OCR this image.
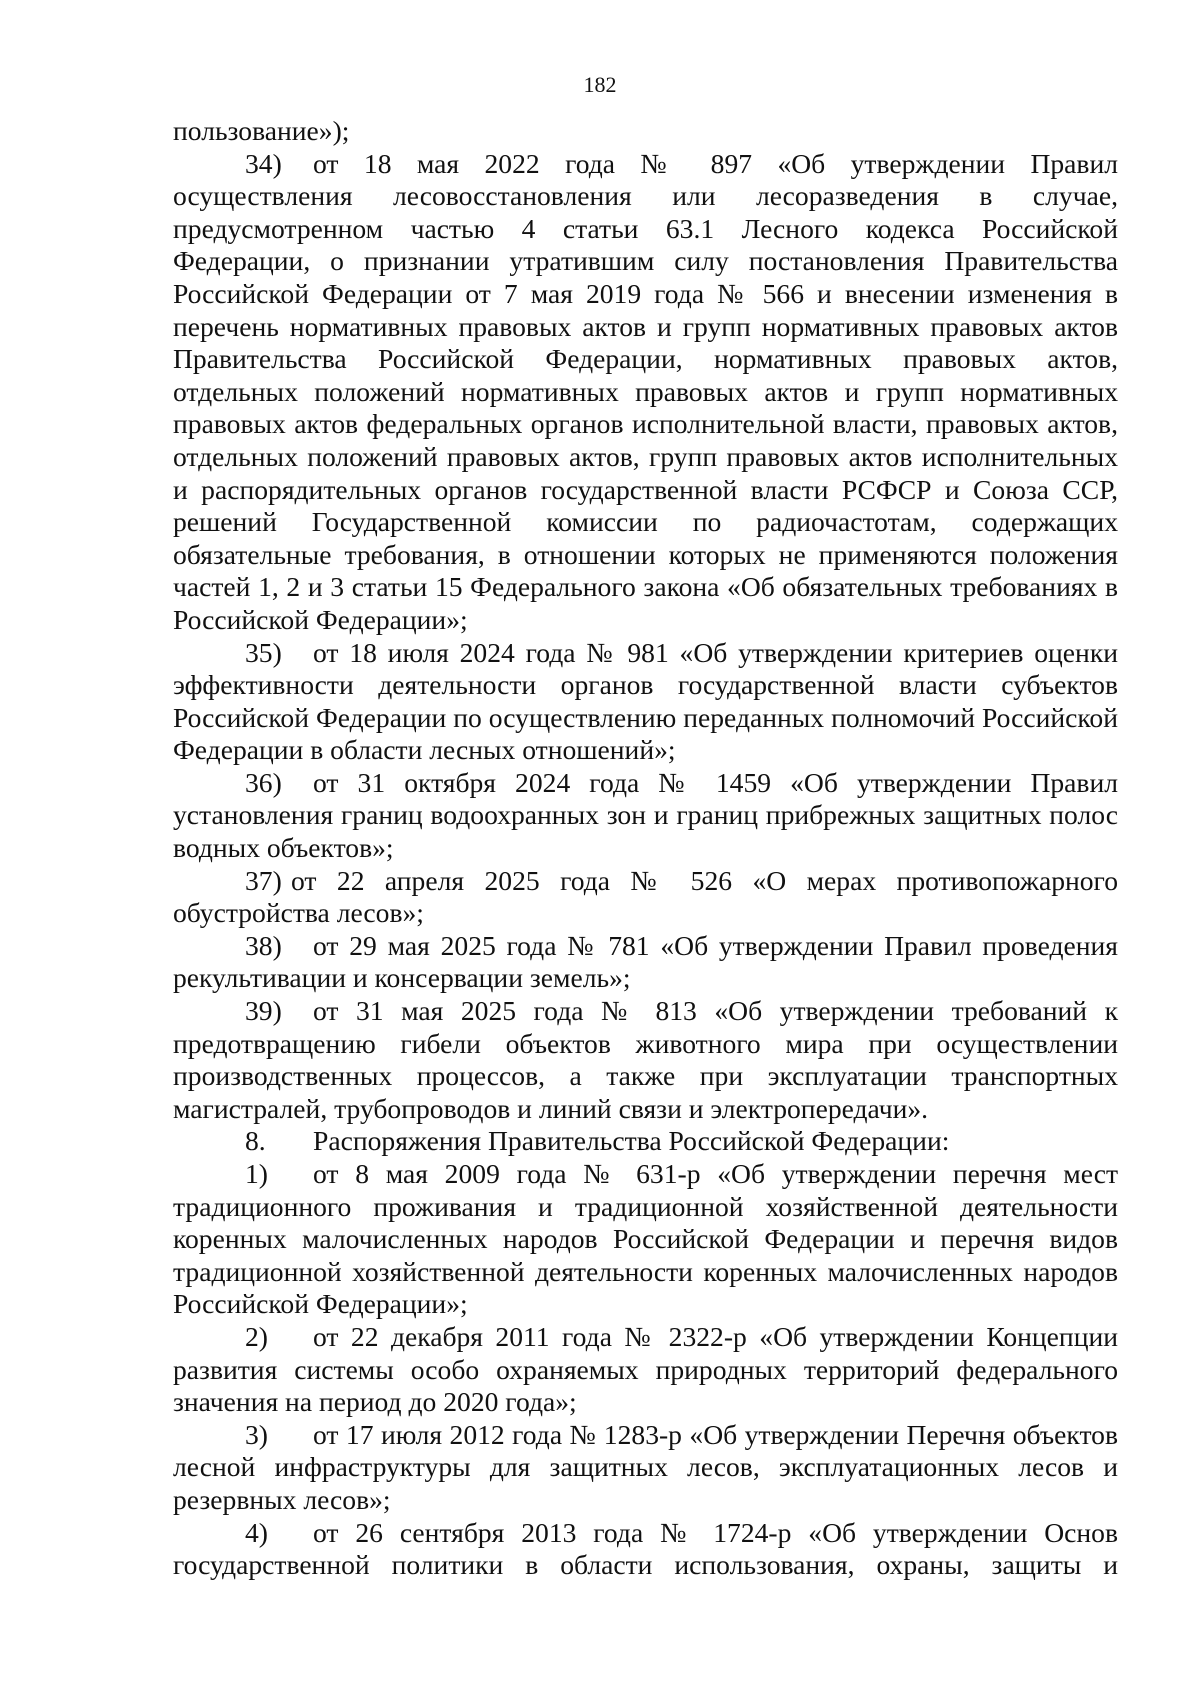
182

пользование»);

34) от 18 мая 2022 года № 897 «Об утверждении Правил осуществления лесовосстановления или лесоразведения в случае, предусмотренном частью 4 статьи 63.1 Лесного кодекса Российской Федерации, о признании утратившим силу постановления Правительства Российской Федерации от 7 мая 2019 года № 566 и внесении изменения в перечень нормативных правовых актов и групп нормативных правовых актов Правительства Российской Федерации, нормативных правовых актов, отдельных положений нормативных правовых актов и групп нормативных правовых актов федеральных органов исполнительной власти, правовых актов, отдельных положений правовых актов, групп правовых актов исполнительных и распорядительных органов государственной власти РСФСР и Союза ССР, решений Государственной комиссии по радиочастотам, содержащих обязательные требования, в отношении которых не применяются положения частей 1, 2 и 3 статьи 15 Федерального закона «Об обязательных требованиях в Российской Федерации»;

35) от 18 июля 2024 года № 981 «Об утверждении критериев оценки эффективности деятельности органов государственной власти субъектов Российской Федерации по осуществлению переданных полномочий Российской Федерации в области лесных отношений»;

36) от 31 октября 2024 года № 1459 «Об утверждении Правил установления границ водоохранных зон и границ прибрежных защитных полос водных объектов»;

37) от 22 апреля 2025 года № 526 «О мерах противопожарного обустройства лесов»;

38) от 29 мая 2025 года № 781 «Об утверждении Правил проведения рекультивации и консервации земель»;

39) от 31 мая 2025 года № 813 «Об утверждении требований к предотвращению гибели объектов животного мира при осуществлении производственных процессов, а также при эксплуатации транспортных магистралей, трубопроводов и линий связи и электропередачи».

8. Распоряжения Правительства Российской Федерации:

1) от 8 мая 2009 года № 631-р «Об утверждении перечня мест традиционного проживания и традиционной хозяйственной деятельности коренных малочисленных народов Российской Федерации и перечня видов традиционной хозяйственной деятельности коренных малочисленных народов Российской Федерации»;

2) от 22 декабря 2011 года № 2322-р «Об утверждении Концепции развития системы особо охраняемых природных территорий федерального значения на период до 2020 года»;

3) от 17 июля 2012 года № 1283-р «Об утверждении Перечня объектов лесной инфраструктуры для защитных лесов, эксплуатационных лесов и резервных лесов»;

4) от 26 сентября 2013 года № 1724-р «Об утверждении Основ государственной политики в области использования, охраны, защиты и
